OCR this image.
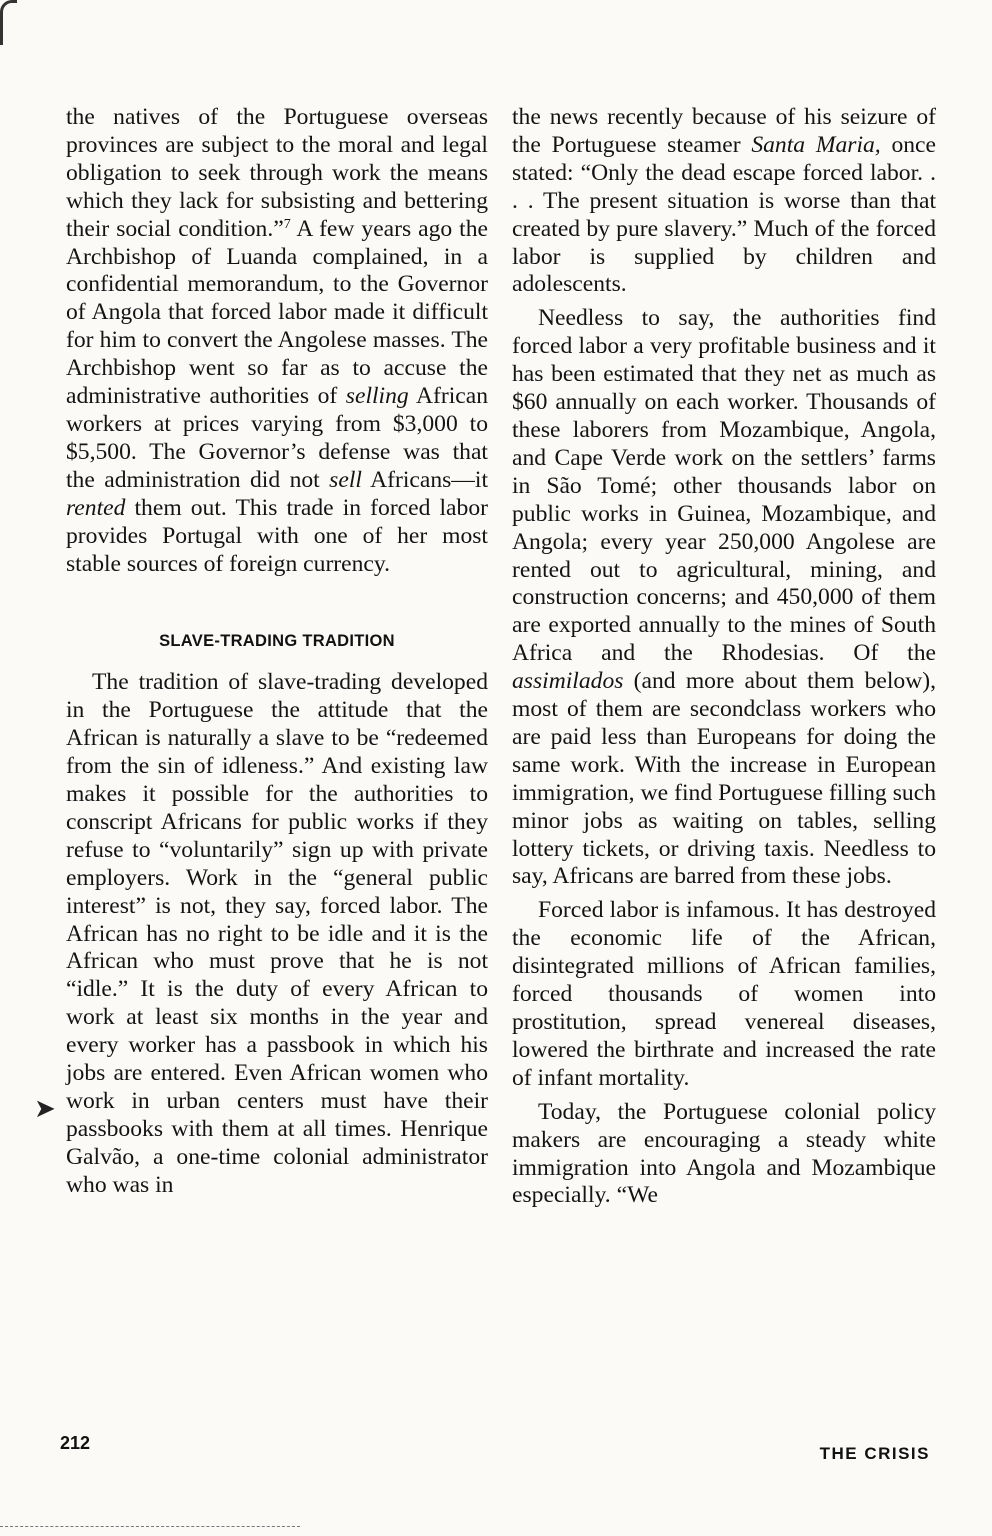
the natives of the Portuguese overseas provinces are subject to the moral and legal obligation to seek through work the means which they lack for subsisting and bettering their social condition.”$^7$ A few years ago the Archbishop of Luanda complained, in a confidential memorandum, to the Governor of Angola that forced labor made it difficult for him to convert the Angolese masses. The Archbishop went so far as to accuse the administrative authorities of selling African workers at prices varying from $3,000 to $5,500. The Governor’s defense was that the administration did not sell Africans—it rented them out. This trade in forced labor provides Portugal with one of her most stable sources of foreign currency.

SLAVE-TRADING TRADITION

The tradition of slave-trading developed in the Portuguese the attitude that the African is naturally a slave to be “redeemed from the sin of idleness.” And existing law makes it possible for the authorities to conscript Africans for public works if they refuse to “voluntarily” sign up with private employers. Work in the “general public interest” is not, they say, forced labor. The African has no right to be idle and it is the African who must prove that he is not “idle.” It is the duty of every African to work at least six months in the year and every worker has a passbook in which his jobs are entered. Even African women who work in urban centers must have their passbooks with them at all times. Henrique Galvão, a one-time colonial administrator who was in

the news recently because of his seizure of the Portuguese steamer Santa Maria, once stated: “Only the dead escape forced labor. . . . The present situation is worse than that created by pure slavery.” Much of the forced labor is supplied by children and adolescents.

Needless to say, the authorities find forced labor a very profitable business and it has been estimated that they net as much as $60 annually on each worker. Thousands of these laborers from Mozambique, Angola, and Cape Verde work on the settlers’ farms in São Tomé; other thousands labor on public works in Guinea, Mozambique, and Angola; every year 250,000 Angolese are rented out to agricultural, mining, and construction concerns; and 450,000 of them are exported annually to the mines of South Africa and the Rhodesias. Of the assimilados (and more about them below), most of them are secondclass workers who are paid less than Europeans for doing the same work. With the increase in European immigration, we find Portuguese filling such minor jobs as waiting on tables, selling lottery tickets, or driving taxis. Needless to say, Africans are barred from these jobs.

Forced labor is infamous. It has destroyed the economic life of the African, disintegrated millions of African families, forced thousands of women into prostitution, spread venereal diseases, lowered the birthrate and increased the rate of infant mortality.

Today, the Portuguese colonial policy makers are encouraging a steady white immigration into Angola and Mozambique especially. “We

➤
212
THE CRISIS
